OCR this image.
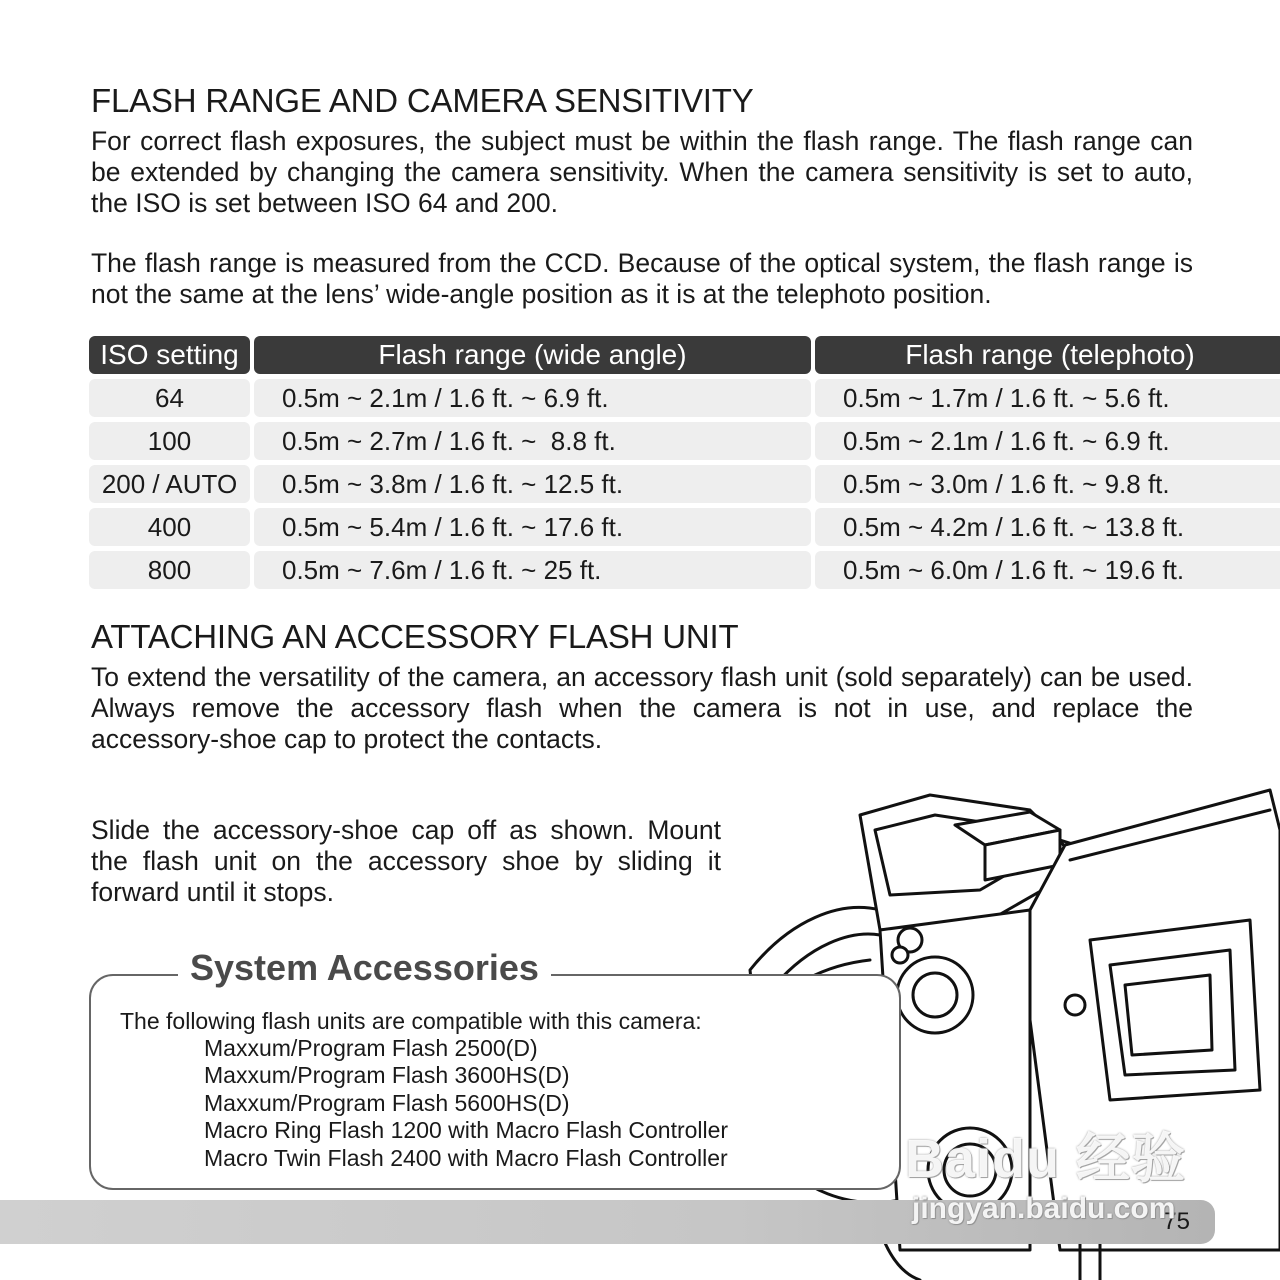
FLASH RANGE AND CAMERA SENSITIVITY

For correct flash exposures, the subject must be within the flash range. The flash range can be extended by changing the camera sensitivity. When the camera sensitivity is set to auto, the ISO is set between ISO 64 and 200.

The flash range is measured from the CCD. Because of the optical system, the flash range is not the same at the lens’ wide-angle position as it is at the telephoto position.

ISO setting	Flash range (wide angle)	Flash range (telephoto)
64	0.5m ~ 2.1m / 1.6 ft. ~ 6.9 ft.	0.5m ~ 1.7m / 1.6 ft. ~ 5.6 ft.
100	0.5m ~ 2.7m / 1.6 ft. ~  8.8 ft.	0.5m ~ 2.1m / 1.6 ft. ~ 6.9 ft.
200 / AUTO	0.5m ~ 3.8m / 1.6 ft. ~ 12.5 ft.	0.5m ~ 3.0m / 1.6 ft. ~ 9.8 ft.
400	0.5m ~ 5.4m / 1.6 ft. ~ 17.6 ft.	0.5m ~ 4.2m / 1.6 ft. ~ 13.8 ft.
800	0.5m ~ 7.6m / 1.6 ft. ~ 25 ft.	0.5m ~ 6.0m / 1.6 ft. ~ 19.6 ft.
ATTACHING AN ACCESSORY FLASH UNIT

To extend the versatility of the camera, an accessory flash unit (sold separately) can be used. Always remove the accessory flash when the camera is not in use, and replace the accessory-shoe cap to protect the contacts.

Slide the accessory-shoe cap off as shown. Mount the flash unit on the accessory shoe by sliding it forward until it stops.

System Accessories
The following flash units are compatible with this camera:
Maxxum/Program Flash 2500(D)
Maxxum/Program Flash 3600HS(D)
Maxxum/Program Flash 5600HS(D)
Macro Ring Flash 1200 with Macro Flash Controller
Macro Twin Flash 2400 with Macro Flash Controller
75
Baidu 经验
jingyan.baidu.com
